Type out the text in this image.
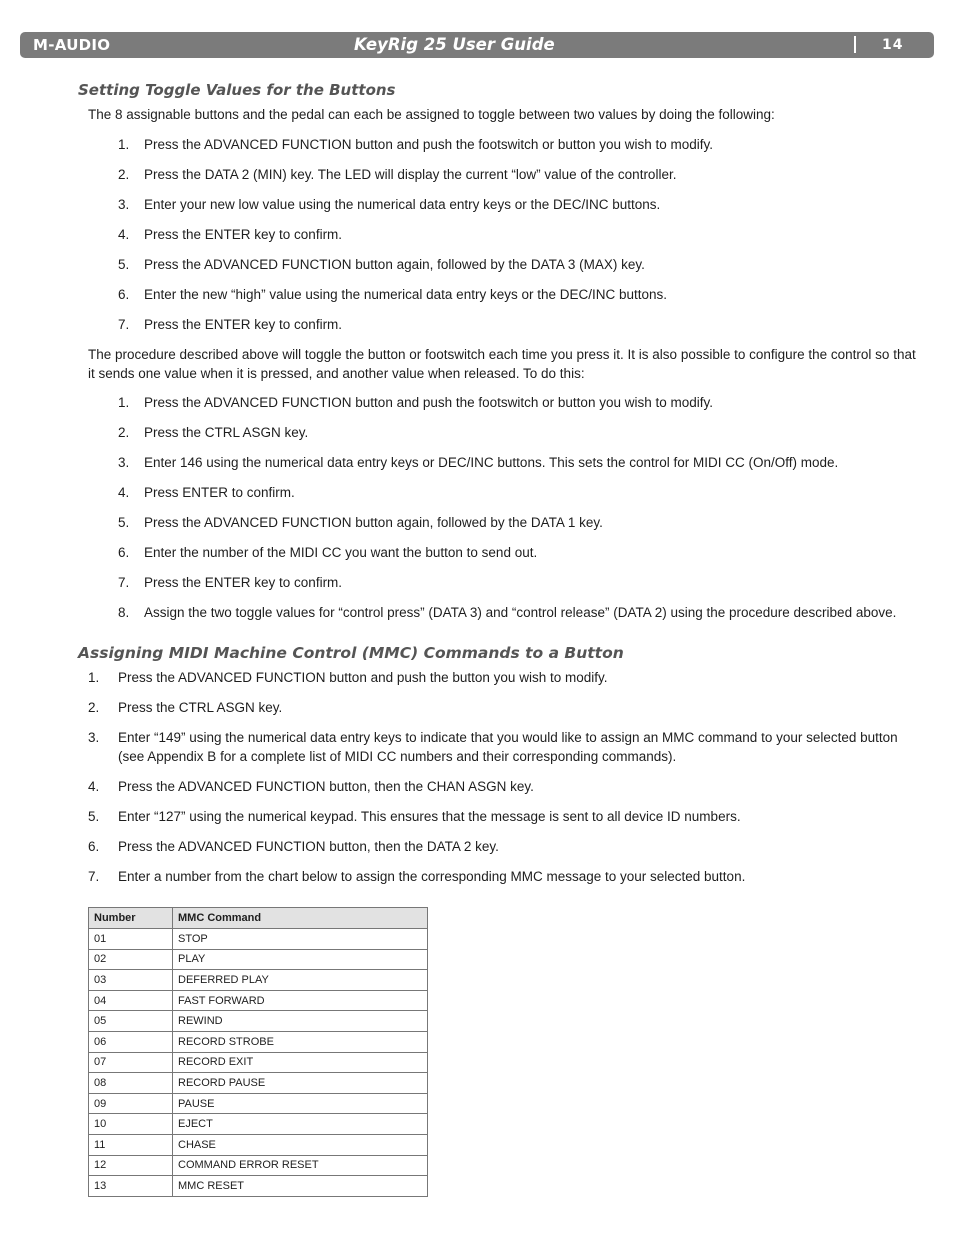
M-AUDIO	KeyRig 25 User Guide	14
Setting Toggle Values for the Buttons

The 8 assignable buttons and the pedal can each be assigned to toggle between two values by doing the following:

1. Press the ADVANCED FUNCTION button and push the footswitch or button you wish to modify.
2. Press the DATA 2 (MIN) key. The LED will display the current “low” value of the controller.
3. Enter your new low value using the numerical data entry keys or the DEC/INC buttons.
4. Press the ENTER key to confirm.
5. Press the ADVANCED FUNCTION button again, followed by the DATA 3 (MAX) key.
6. Enter the new “high” value using the numerical data entry keys or the DEC/INC buttons.
7. Press the ENTER key to confirm.

The procedure described above will toggle the button or footswitch each time you press it. It is also possible to configure the control so that it sends one value when it is pressed, and another value when released. To do this:

1. Press the ADVANCED FUNCTION button and push the footswitch or button you wish to modify.
2. Press the CTRL ASGN key.
3. Enter 146 using the numerical data entry keys or DEC/INC buttons. This sets the control for MIDI CC (On/Off) mode.
4. Press ENTER to confirm.
5. Press the ADVANCED FUNCTION button again, followed by the DATA 1 key.
6. Enter the number of the MIDI CC you want the button to send out.
7. Press the ENTER key to confirm.
8. Assign the two toggle values for “control press” (DATA 3) and “control release” (DATA 2) using the procedure described above.
Assigning MIDI Machine Control (MMC) Commands to a Button
1. Press the ADVANCED FUNCTION button and push the button you wish to modify.
2. Press the CTRL ASGN key.
3. Enter “149” using the numerical data entry keys to indicate that you would like to assign an MMC command to your selected button (see Appendix B for a complete list of MIDI CC numbers and their corresponding commands).
4. Press the ADVANCED FUNCTION button, then the CHAN ASGN key.
5. Enter “127” using the numerical keypad. This ensures that the message is sent to all device ID numbers.
6. Press the ADVANCED FUNCTION button, then the DATA 2 key.
7. Enter a number from the chart below to assign the corresponding MMC message to your selected button.
Number	MMC Command
01	STOP
02	PLAY
03	DEFERRED PLAY
04	FAST FORWARD
05	REWIND
06	RECORD STROBE
07	RECORD EXIT
08	RECORD PAUSE
09	PAUSE
10	EJECT
11	CHASE
12	COMMAND ERROR RESET
13	MMC RESET
